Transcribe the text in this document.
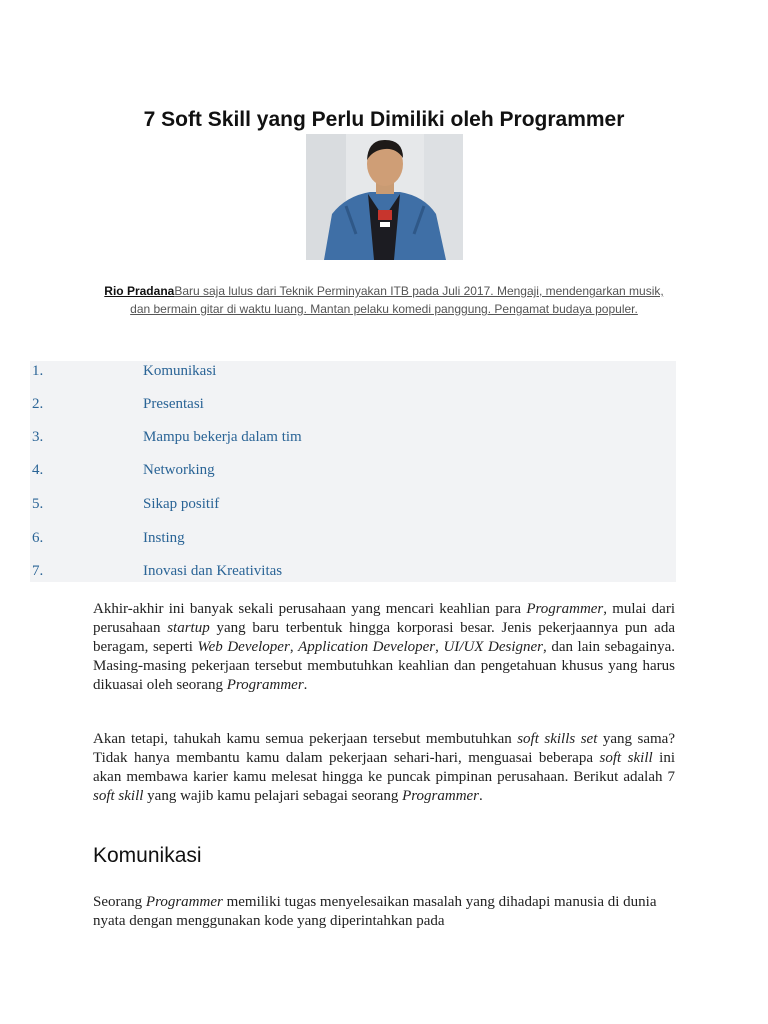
7 Soft Skill yang Perlu Dimiliki oleh Programmer

Rio PradanaBaru saja lulus dari Teknik Perminyakan ITB pada Juli 2017. Mengaji, mendengarkan musik, dan bermain gitar di waktu luang. Mantan pelaku komedi panggung. Pengamat budaya populer.

1.	Komunikasi
2.	Presentasi
3.	Mampu bekerja dalam tim
4.	Networking
5.	Sikap positif
6.	Insting
7.	Inovasi dan Kreativitas

Akhir-akhir ini banyak sekali perusahaan yang mencari keahlian para Programmer, mulai dari perusahaan startup yang baru terbentuk hingga korporasi besar. Jenis pekerjaannya pun ada beragam, seperti Web Developer, Application Developer, UI/UX Designer, dan lain sebagainya. Masing-masing pekerjaan tersebut membutuhkan keahlian dan pengetahuan khusus yang harus dikuasai oleh seorang Programmer.

Akan tetapi, tahukah kamu semua pekerjaan tersebut membutuhkan soft skills set yang sama? Tidak hanya membantu kamu dalam pekerjaan sehari-hari, menguasai beberapa soft skill ini akan membawa karier kamu melesat hingga ke puncak pimpinan perusahaan. Berikut adalah 7 soft skill yang wajib kamu pelajari sebagai seorang Programmer.

Komunikasi

Seorang Programmer memiliki tugas menyelesaikan masalah yang dihadapi manusia di dunia nyata dengan menggunakan kode yang diperintahkan pada
